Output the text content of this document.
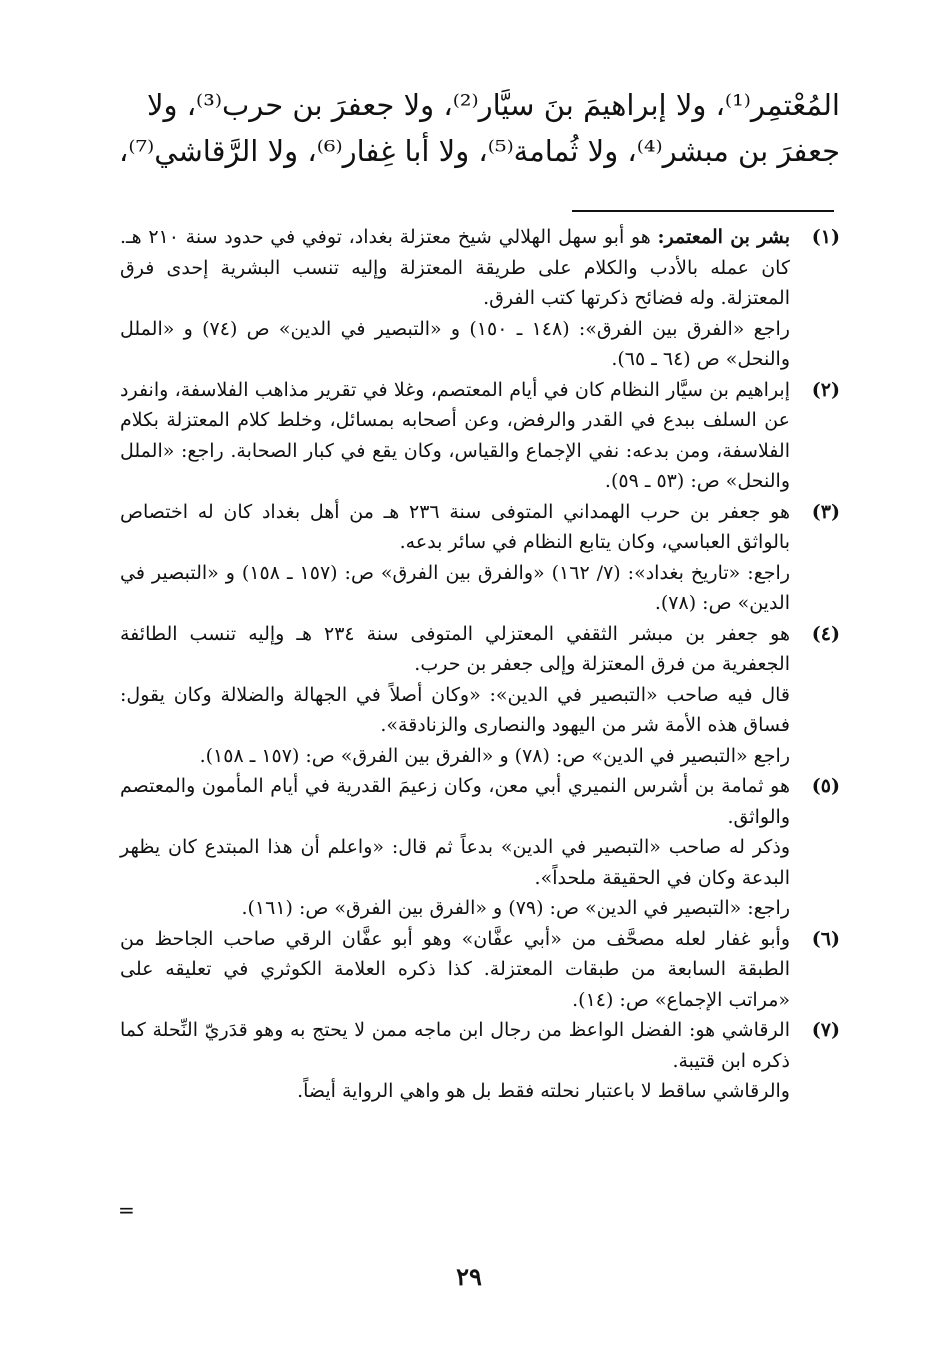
المُعْتمِر⁽¹⁾، ولا إبراهيمَ بنَ سيَّار⁽²⁾، ولا جعفرَ بن حرب⁽³⁾، ولا

جعفرَ بن مبشر⁽⁴⁾، ولا ثُمامة⁽⁵⁾، ولا أبا غِفار⁽⁶⁾، ولا الرَّقاشي⁽⁷⁾،

(١)

بشر بن المعتمر: هو أبو سهل الهلالي شيخ معتزلة بغداد، توفي في حدود سنة ٢١٠ هـ. كان عمله بالأدب والكلام على طريقة المعتزلة وإليه تنسب البشرية إحدى فرق المعتزلة. وله فضائح ذكرتها كتب الفرق.

راجع «الفرق بين الفرق»: (١٤٨ ـ ١٥٠) و «التبصير في الدين» ص (٧٤) و «الملل والنحل» ص (٦٤ ـ ٦٥).

(٢)

إبراهيم بن سيَّار النظام كان في أيام المعتصم، وغلا في تقرير مذاهب الفلاسفة، وانفرد عن السلف ببدع في القدر والرفض، وعن أصحابه بمسائل، وخلط كلام المعتزلة بكلام الفلاسفة، ومن بدعه: نفي الإجماع والقياس، وكان يقع في كبار الصحابة. راجع: «الملل والنحل» ص: (٥٣ ـ ٥٩).

(٣)

هو جعفر بن حرب الهمداني المتوفى سنة ٢٣٦ هـ من أهل بغداد كان له اختصاص بالواثق العباسي، وكان يتابع النظام في سائر بدعه.

راجع: «تاريخ بغداد»: (٧/ ١٦٢) «والفرق بين الفرق» ص: (١٥٧ ـ ١٥٨) و «التبصير في الدين» ص: (٧٨).

(٤)

هو جعفر بن مبشر الثقفي المعتزلي المتوفى سنة ٢٣٤ هـ وإليه تنسب الطائفة الجعفرية من فرق المعتزلة وإلى جعفر بن حرب.

قال فيه صاحب «التبصير في الدين»: «وكان أصلاً في الجهالة والضلالة وكان يقول: فساق هذه الأمة شر من اليهود والنصارى والزنادقة».

راجع «التبصير في الدين» ص: (٧٨) و «الفرق بين الفرق» ص: (١٥٧ ـ ١٥٨).

(٥)

هو ثمامة بن أشرس النميري أبي معن، وكان زعيمَ القدرية في أيام المأمون والمعتصم والواثق.

وذكر له صاحب «التبصير في الدين» بدعاً ثم قال: «واعلم أن هذا المبتدع كان يظهر البدعة وكان في الحقيقة ملحداً».

راجع: «التبصير في الدين» ص: (٧٩) و «الفرق بين الفرق» ص: (١٦١).

(٦)

وأبو غفار لعله مصحَّف من «أبي عفَّان» وهو أبو عفَّان الرقي صاحب الجاحظ من الطبقة السابعة من طبقات المعتزلة. كذا ذكره العلامة الكوثري في تعليقه على «مراتب الإجماع» ص: (١٤).

(٧)

الرقاشي هو: الفضل الواعظ من رجال ابن ماجه ممن لا يحتج به وهو قدَريّ النِّحلة كما ذكره ابن قتيبة.

والرقاشي ساقط لا باعتبار نحلته فقط بل هو واهي الرواية أيضاً.

=
٢٩
